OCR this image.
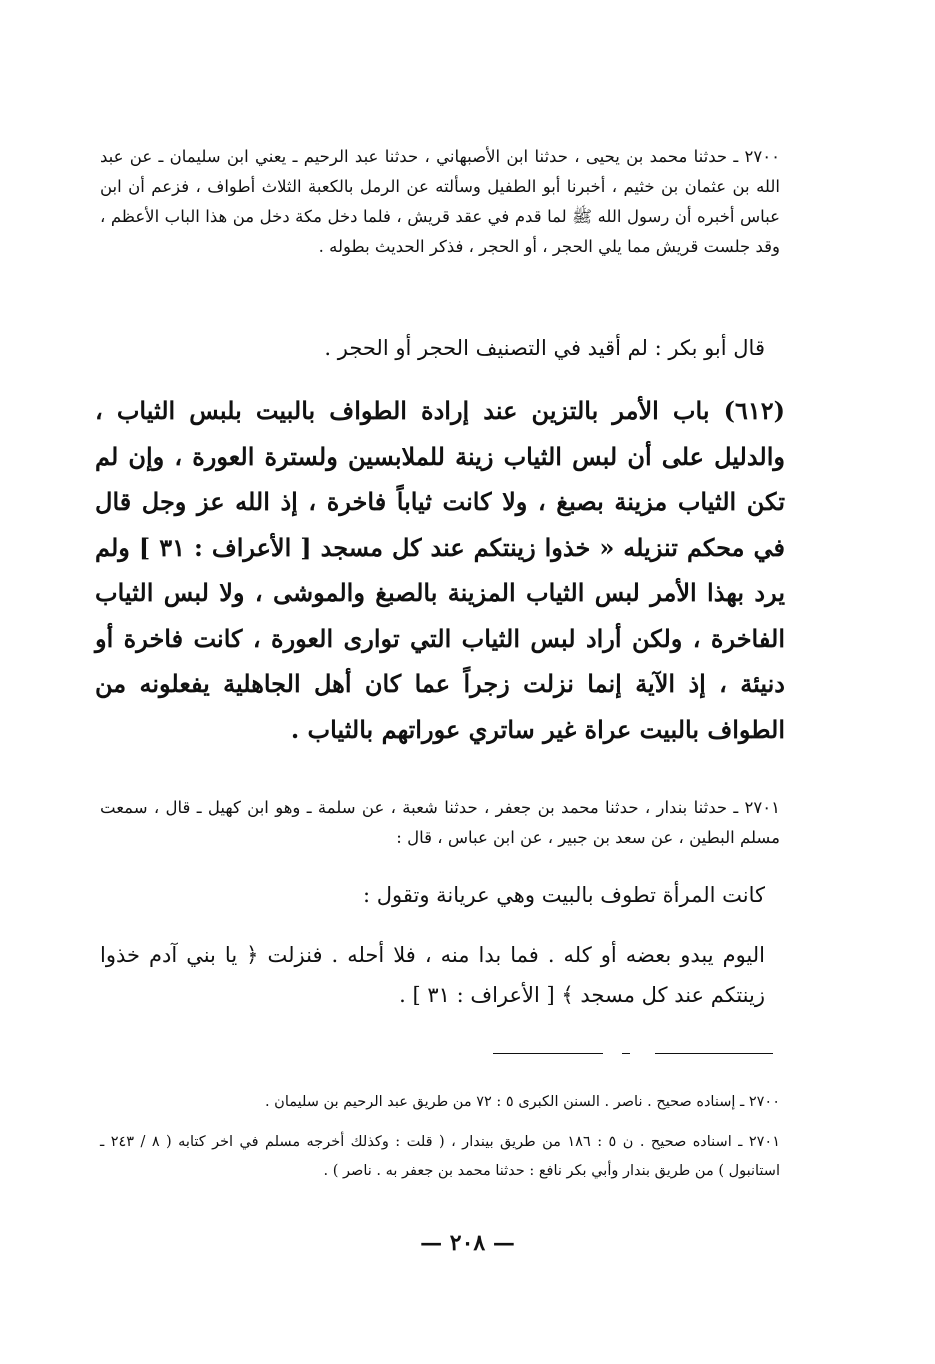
٢٧٠٠ ـ حدثنا محمد بن يحيى ، حدثنا ابن الأصبهاني ، حدثنا عبد الرحيم ـ يعني ابن سليمان ـ عن عبد الله بن عثمان بن خثيم ، أخبرنا أبو الطفيل وسألته عن الرمل بالكعبة الثلاث أطواف ، فزعم أن ابن عباس أخبره أن رسول الله ﷺ لما قدم في عقد قريش ، فلما دخل مكة دخل من هذا الباب الأعظم ، وقد جلست قريش مما يلي الحجر ، أو الحجر ، فذكر الحديث بطوله .
قال أبو بكر : لم أقيد في التصنيف الحجر أو الحجر .
(٦١٢) باب الأمر بالتزين عند إرادة الطواف بالبيت بلبس الثياب ، والدليل على أن لبس الثياب زينة للملابسين ولسترة العورة ، وإن لم تكن الثياب مزينة بصبغ ، ولا كانت ثياباً فاخرة ، إذ الله عز وجل قال في محكم تنزيله « خذوا زينتكم عند كل مسجد [ الأعراف : ٣١ ] ولم يرد بهذا الأمر لبس الثياب المزينة بالصبغ والموشى ، ولا لبس الثياب الفاخرة ، ولكن أراد لبس الثياب التي توارى العورة ، كانت فاخرة أو دنيئة ، إذ الآية إنما نزلت زجراً عما كان أهل الجاهلية يفعلونه من الطواف بالبيت عراة غير ساتري عوراتهم بالثياب .
٢٧٠١ ـ حدثنا بندار ، حدثنا محمد بن جعفر ، حدثنا شعبة ، عن سلمة ـ وهو ابن كهيل ـ قال ، سمعت مسلم البطين ، عن سعد بن جبير ، عن ابن عباس ، قال :
كانت المرأة تطوف بالبيت وهي عريانة وتقول :
اليوم يبدو بعضه أو كله . فما بدا منه ، فلا أحله . فنزلت ﴿ يا بني آدم خذوا زينتكم عند كل مسجد ﴾ [ الأعراف : ٣١ ] .
٢٧٠٠ ـ إسناده صحيح . ناصر . السنن الكبرى ٥ : ٧٢ من طريق عبد الرحيم بن سليمان .
٢٧٠١ ـ اسناده صحيح . ن ٥ : ١٨٦ من طريق بيندار ، ( قلت : وكذلك أخرجه مسلم في اخر كتابه ( ٨ / ٢٤٣ ـ استانبول ) من طريق بندار وأبي بكر نافع : حدثنا محمد بن جعفر به . ناصر ) .
— ٢٠٨ —
